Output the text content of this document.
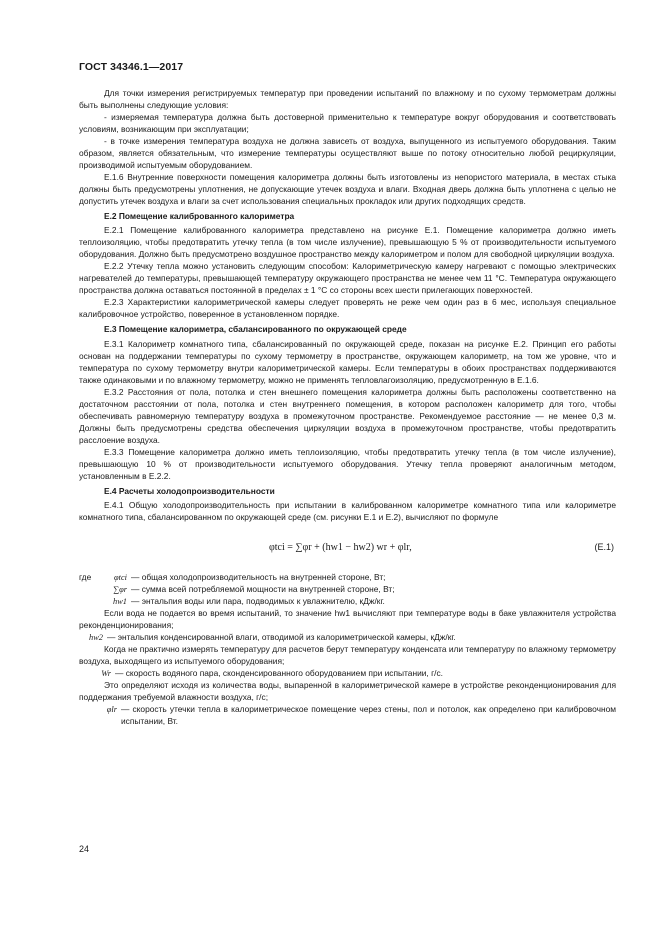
ГОСТ 34346.1—2017

Для точки измерения регистрируемых температур при проведении испытаний по влажному и по сухому термометрам должны быть выполнены следующие условия:

- измеряемая температура должна быть достоверной применительно к температуре вокруг оборудования и соответствовать условиям, возникающим при эксплуатации;

- в точке измерения температура воздуха не должна зависеть от воздуха, выпущенного из испытуемого оборудования. Таким образом, является обязательным, что измерение температуры осуществляют выше по потоку относительно любой рециркуляции, производимой испытуемым оборудованием.

Е.1.6 Внутренние поверхности помещения калориметра должны быть изготовлены из непористого материала, в местах стыка должны быть предусмотрены уплотнения, не допускающие утечек воздуха и влаги. Входная дверь должна быть уплотнена с целью не допустить утечек воздуха и влаги за счет использования специальных прокладок или других подходящих средств.

Е.2 Помещение калиброванного калориметра

Е.2.1 Помещение калиброванного калориметра представлено на рисунке Е.1. Помещение калориметра должно иметь теплоизоляцию, чтобы предотвратить утечку тепла (в том числе излучение), превышающую 5 % от производительности испытуемого оборудования. Должно быть предусмотрено воздушное пространство между калориметром и полом для свободной циркуляции воздуха.

Е.2.2 Утечку тепла можно установить следующим способом: Калориметрическую камеру нагревают с помощью электрических нагревателей до температуры, превышающей температуру окружающего пространства не менее чем 11 °С. Температура окружающего пространства должна оставаться постоянной в пределах ± 1 °С со стороны всех шести прилегающих поверхностей.

Е.2.3 Характеристики калориметрической камеры следует проверять не реже чем один раз в 6 мес, используя специальное калибровочное устройство, поверенное в установленном порядке.

Е.3 Помещение калориметра, сбалансированного по окружающей среде

Е.3.1 Калориметр комнатного типа, сбалансированный по окружающей среде, показан на рисунке Е.2. Принцип его работы основан на поддержании температуры по сухому термометру в пространстве, окружающем калориметр, на том же уровне, что и температура по сухому термометру внутри калориметрической камеры. Если температуры в обоих пространствах поддерживаются также одинаковыми и по влажному термометру, можно не применять тепловлагоизоляцию, предусмотренную в Е.1.6.

Е.3.2 Расстояния от пола, потолка и стен внешнего помещения калориметра должны быть расположены соответственно на достаточном расстоянии от пола, потолка и стен внутреннего помещения, в котором расположен калориметр для того, чтобы обеспечивать равномерную температуру воздуха в промежуточном пространстве. Рекомендуемое расстояние — не менее 0,3 м. Должны быть предусмотрены средства обеспечения циркуляции воздуха в промежуточном пространстве, чтобы предотвратить расслоение воздуха.

Е.3.3 Помещение калориметра должно иметь теплоизоляцию, чтобы предотвратить утечку тепла (в том числе излучение), превышающую 10 % от производительности испытуемого оборудования. Утечку тепла проверяют аналогичным методом, установленным в Е.2.2.

Е.4 Расчеты холодопроизводительности

Е.4.1 Общую холодопроизводительность при испытании в калиброванном калориметре комнатного типа или калориметре комнатного типа, сбалансированном по окружающей среде (см. рисунки Е.1 и Е.2), вычисляют по формуле

φtci = ∑φr + (hw1 − hw2) wr + φlr,	(Е.1)
где	φtci — общая холодопроизводительность на внутренней стороне, Вт;
∑φr — сумма всей потребляемой мощности на внутренней стороне, Вт;
hw1 — энтальпия воды или пара, подводимых к увлажнителю, кДж/кг.

Если вода не подается во время испытаний, то значение hw1 вычисляют при температуре воды в баке увлажнителя устройства реконденционирования;

hw2 — энтальпия конденсированной влаги, отводимой из калориметрической камеры, кДж/кг.

Когда не практично измерять температуру для расчетов берут температуру конденсата или температуру по влажному термометру воздуха, выходящего из испытуемого оборудования;

Wr — скорость водяного пара, сконденсированного оборудованием при испытании, г/с.

Это определяют исходя из количества воды, выпаренной в калориметрической камере в устройстве реконденционирования для поддержания требуемой влажности воздуха, г/с;

φlr — скорость утечки тепла в калориметрическое помещение через стены, пол и потолок, как определено при калибровочном испытании, Вт.
24
